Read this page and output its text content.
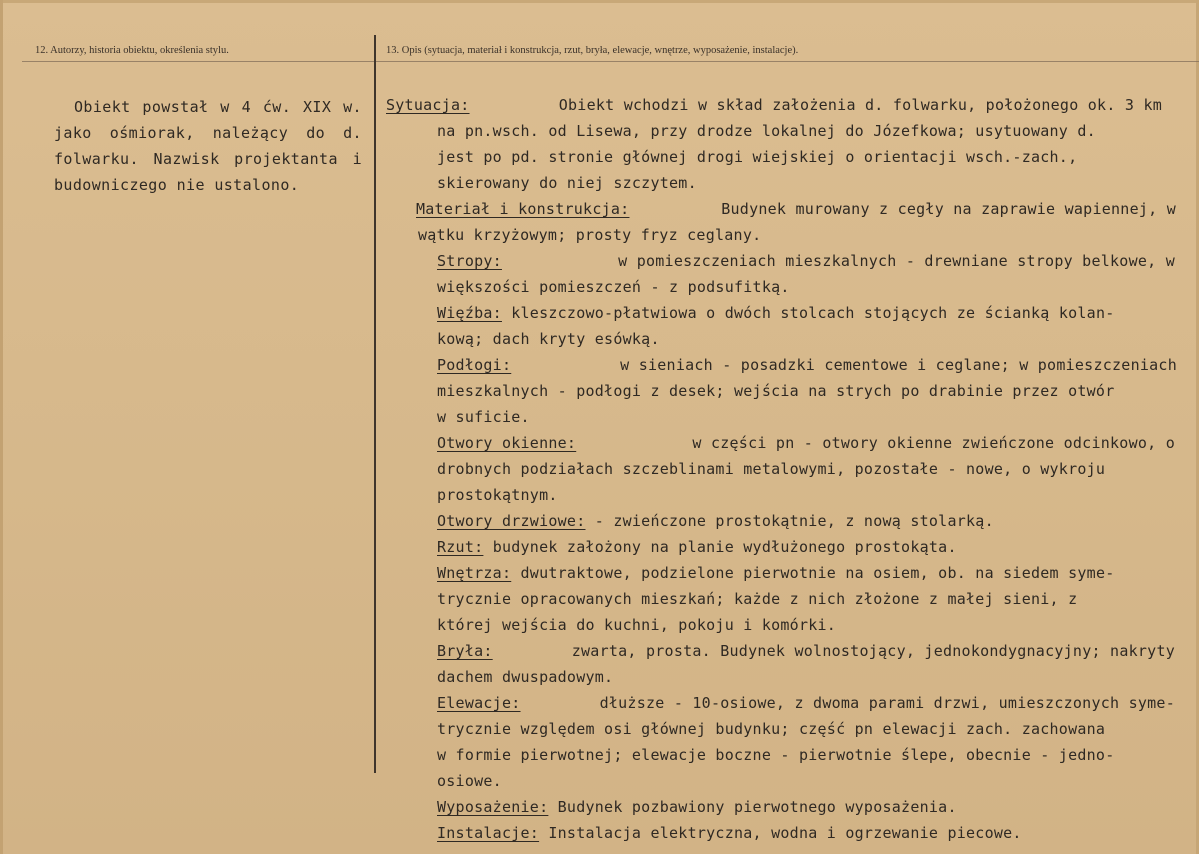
12. Autorzy, historia obiektu, określenia stylu.	13. Opis (sytuacja, materiał i konstrukcja, rzut, bryła, elewacje, wnętrze, wyposażenie, instalacje).
Obiekt powstał w 4 ćw. XIX w. jako ośmiorak, należący do d. folwarku. Nazwisk projektanta i budowniczego nie ustalono.
Sytuacja:	Obiekt wchodzi w skład założenia d. folwarku, położonego ok. 3 km
na pn.wsch. od Lisewa, przy drodze lokalnej do Józefkowa; usytuowany d.
jest po pd. stronie głównej drogi wiejskiej o orientacji wsch.-zach.,
skierowany do niej szczytem.
Materiał i konstrukcja:	Budynek murowany z cegły na zaprawie wapiennej, w
wątku krzyżowym; prosty fryz ceglany.
Stropy:	w pomieszczeniach mieszkalnych - drewniane stropy belkowe, w
większości pomieszczeń - z podsufitką.
Więźba: kleszczowo-płatwiowa o dwóch stolcach stojących ze ścianką kolan-
kową; dach kryty esówką.
Podłogi:	w sieniach - posadzki cementowe i ceglane; w pomieszczeniach
mieszkalnych - podłogi z desek; wejścia na strych po drabinie przez otwór
w suficie.
Otwory okienne:	w części pn - otwory okienne zwieńczone odcinkowo, o
drobnych podziałach szczeblinami metalowymi, pozostałe - nowe, o wykroju
prostokątnym.
Otwory drzwiowe: - zwieńczone prostokątnie, z nową stolarką.
Rzut: budynek założony na planie wydłużonego prostokąta.
Wnętrza: dwutraktowe, podzielone pierwotnie na osiem, ob. na siedem syme-
trycznie opracowanych mieszkań; każde z nich złożone z małej sieni, z
której wejścia do kuchni, pokoju i komórki.
Bryła:	zwarta, prosta. Budynek wolnostojący, jednokondygnacyjny; nakryty
dachem dwuspadowym.
Elewacje:	dłuższe - 10-osiowe, z dwoma parami drzwi, umieszczonych syme-
trycznie względem osi głównej budynku; część pn elewacji zach. zachowana
w formie pierwotnej; elewacje boczne - pierwotnie ślepe, obecnie - jedno-
osiowe.
Wyposażenie: Budynek pozbawiony pierwotnego wyposażenia.
Instalacje: Instalacja elektryczna, wodna i ogrzewanie piecowe.
